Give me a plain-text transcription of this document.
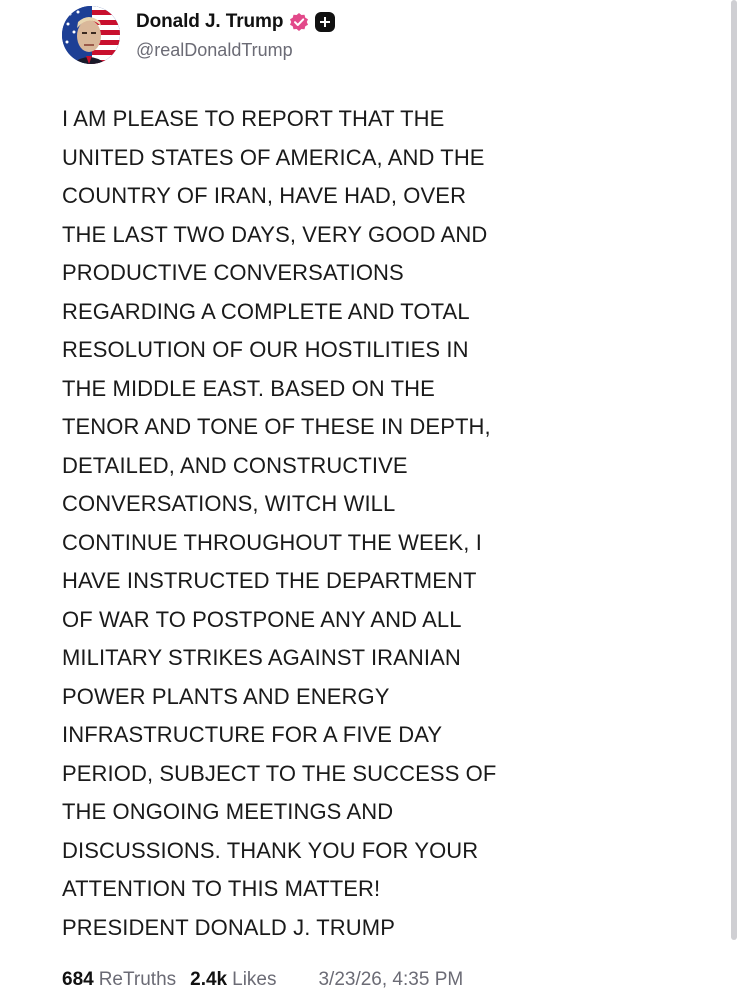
Donald J. Trump
@realDonaldTrump
I AM PLEASE TO REPORT THAT THE
UNITED STATES OF AMERICA, AND THE
COUNTRY OF IRAN, HAVE HAD, OVER
THE LAST TWO DAYS, VERY GOOD AND
PRODUCTIVE CONVERSATIONS
REGARDING A COMPLETE AND TOTAL
RESOLUTION OF OUR HOSTILITIES IN
THE MIDDLE EAST. BASED ON THE
TENOR AND TONE OF THESE IN DEPTH,
DETAILED, AND CONSTRUCTIVE
CONVERSATIONS, WITCH WILL
CONTINUE THROUGHOUT THE WEEK, I
HAVE INSTRUCTED THE DEPARTMENT
OF WAR TO POSTPONE ANY AND ALL
MILITARY STRIKES AGAINST IRANIAN
POWER PLANTS AND ENERGY
INFRASTRUCTURE FOR A FIVE DAY
PERIOD, SUBJECT TO THE SUCCESS OF
THE ONGOING MEETINGS AND
DISCUSSIONS. THANK YOU FOR YOUR
ATTENTION TO THIS MATTER!
PRESIDENT DONALD J. TRUMP
684 ReTruths 2.4k Likes 3/23/26, 4:35 PM
